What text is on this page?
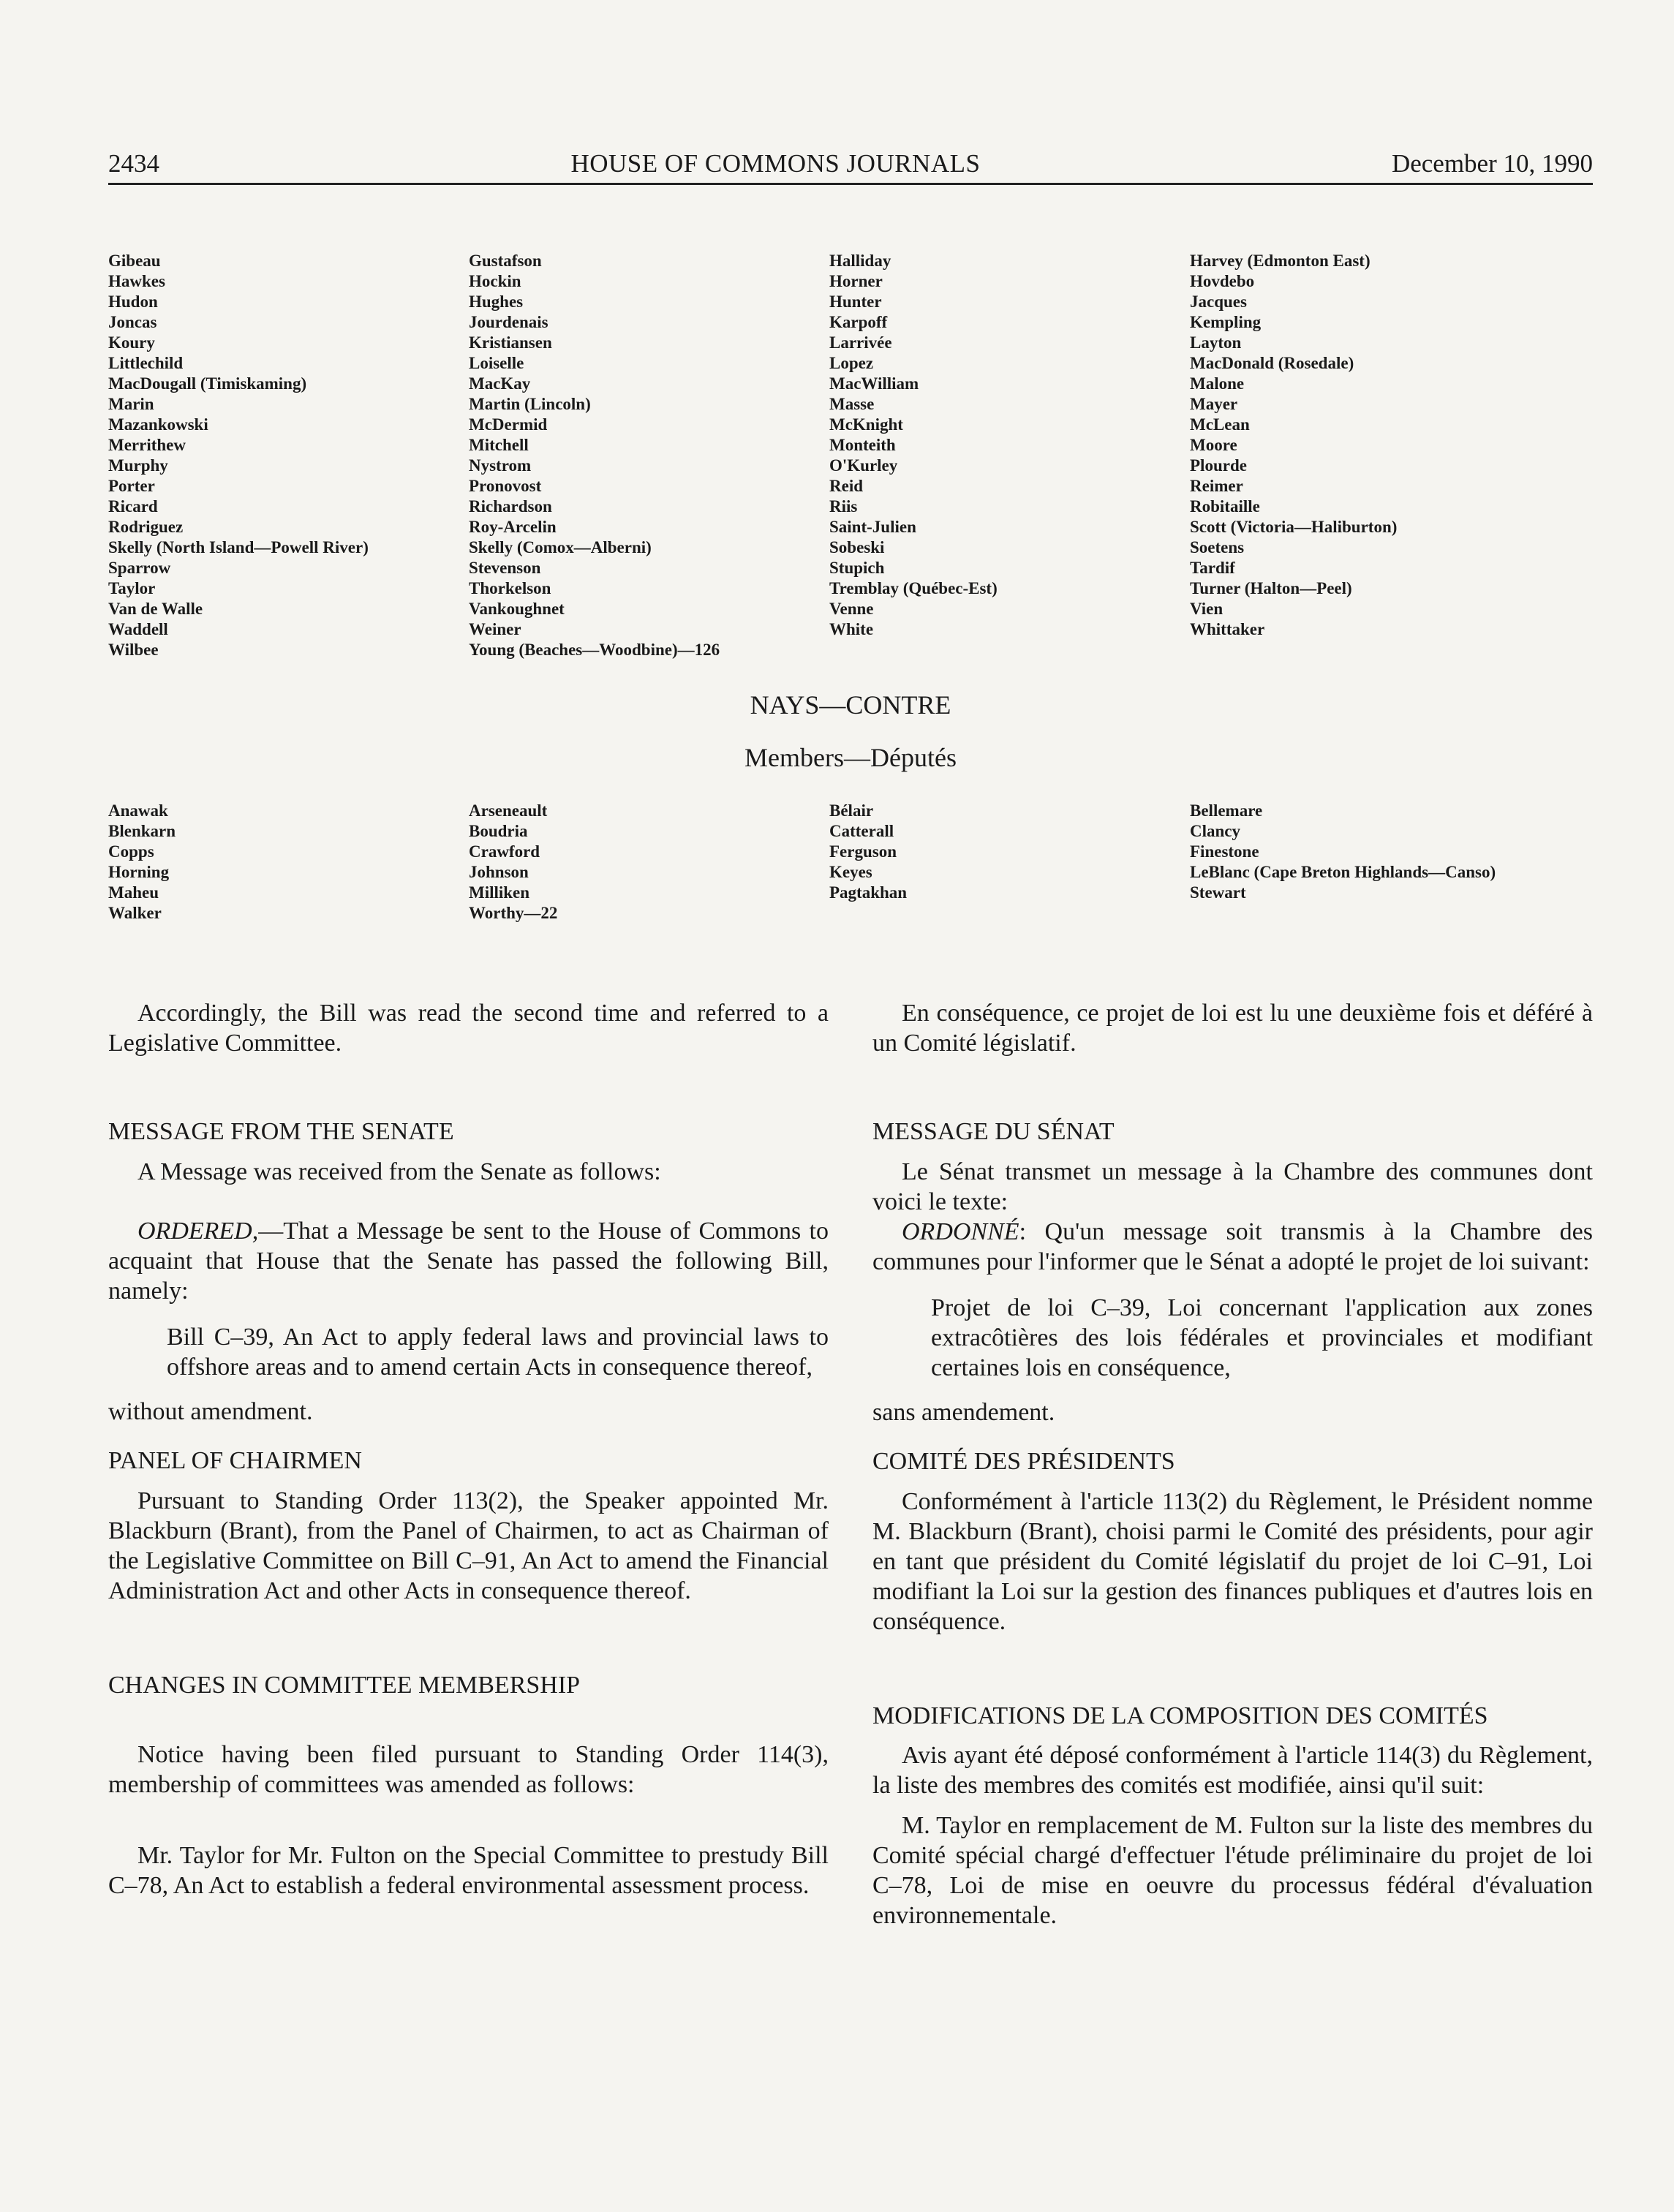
2434	HOUSE OF COMMONS JOURNALS	December 10, 1990
Gibeau
Hawkes
Hudon
Joncas
Koury
Littlechild
MacDougall (Timiskaming)
Marin
Mazankowski
Merrithew
Murphy
Porter
Ricard
Rodriguez
Skelly (North Island—Powell River)
Sparrow
Taylor
Van de Walle
Waddell
Wilbee
Gustafson
Hockin
Hughes
Jourdenais
Kristiansen
Loiselle
MacKay
Martin (Lincoln)
McDermid
Mitchell
Nystrom
Pronovost
Richardson
Roy-Arcelin
Skelly (Comox—Alberni)
Stevenson
Thorkelson
Vankoughnet
Weiner
Young (Beaches—Woodbine)—126
Halliday
Horner
Hunter
Karpoff
Larrivée
Lopez
MacWilliam
Masse
McKnight
Monteith
O'Kurley
Reid
Riis
Saint-Julien
Sobeski
Stupich
Tremblay (Québec-Est)
Venne
White
Harvey (Edmonton East)
Hovdebo
Jacques
Kempling
Layton
MacDonald (Rosedale)
Malone
Mayer
McLean
Moore
Plourde
Reimer
Robitaille
Scott (Victoria—Haliburton)
Soetens
Tardif
Turner (Halton—Peel)
Vien
Whittaker
NAYS—CONTRE
Members—Députés
Anawak
Blenkarn
Copps
Horning
Maheu
Walker
Arseneault
Boudria
Crawford
Johnson
Milliken
Worthy—22
Bélair
Catterall
Ferguson
Keyes
Pagtakhan
Bellemare
Clancy
Finestone
LeBlanc (Cape Breton Highlands—Canso)
Stewart

Accordingly, the Bill was read the second time and referred to a Legislative Committee.

MESSAGE FROM THE SENATE

A Message was received from the Senate as follows:

ORDERED,—That a Message be sent to the House of Commons to acquaint that House that the Senate has passed the following Bill, namely:

Bill C–39, An Act to apply federal laws and provincial laws to offshore areas and to amend certain Acts in consequence thereof,

without amendment.

PANEL OF CHAIRMEN

Pursuant to Standing Order 113(2), the Speaker appointed Mr. Blackburn (Brant), from the Panel of Chairmen, to act as Chairman of the Legislative Committee on Bill C–91, An Act to amend the Financial Administration Act and other Acts in consequence thereof.

CHANGES IN COMMITTEE MEMBERSHIP

Notice having been filed pursuant to Standing Order 114(3), membership of committees was amended as follows:

Mr. Taylor for Mr. Fulton on the Special Committee to prestudy Bill C–78, An Act to establish a federal environmental assessment process.

En conséquence, ce projet de loi est lu une deuxième fois et déféré à un Comité législatif.

MESSAGE DU SÉNAT

Le Sénat transmet un message à la Chambre des communes dont voici le texte:

ORDONNÉ: Qu'un message soit transmis à la Chambre des communes pour l'informer que le Sénat a adopté le projet de loi suivant:

Projet de loi C–39, Loi concernant l'application aux zones extracôtières des lois fédérales et provinciales et modifiant certaines lois en conséquence,

sans amendement.

COMITÉ DES PRÉSIDENTS

Conformément à l'article 113(2) du Règlement, le Président nomme M. Blackburn (Brant), choisi parmi le Comité des présidents, pour agir en tant que président du Comité législatif du projet de loi C–91, Loi modifiant la Loi sur la gestion des finances publiques et d'autres lois en conséquence.

MODIFICATIONS DE LA COMPOSITION DES COMITÉS

Avis ayant été déposé conformément à l'article 114(3) du Règlement, la liste des membres des comités est modifiée, ainsi qu'il suit:

M. Taylor en remplacement de M. Fulton sur la liste des membres du Comité spécial chargé d'effectuer l'étude préliminaire du projet de loi C–78, Loi de mise en oeuvre du processus fédéral d'évaluation environnementale.
